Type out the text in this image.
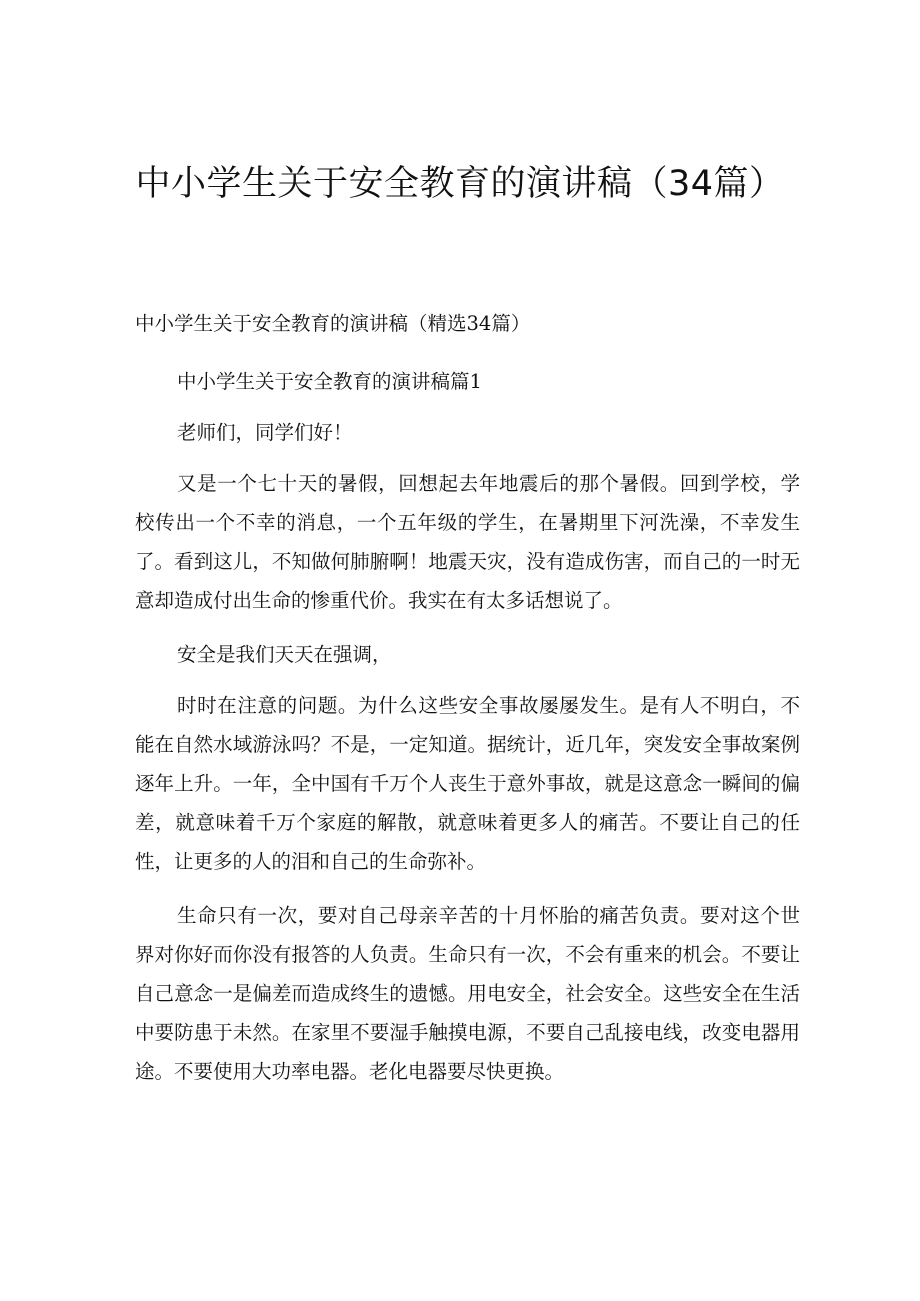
中小学生关于安全教育的演讲稿（34篇）

中小学生关于安全教育的演讲稿（精选34篇）

中小学生关于安全教育的演讲稿篇1

老师们，同学们好！

又是一个七十天的暑假，回想起去年地震后的那个暑假。回到学校，学校传出一个不幸的消息，一个五年级的学生，在暑期里下河洗澡，不幸发生了。看到这儿，不知做何肺腑啊！地震天灾，没有造成伤害，而自己的一时无意却造成付出生命的惨重代价。我实在有太多话想说了。

安全是我们天天在强调，

时时在注意的问题。为什么这些安全事故屡屡发生。是有人不明白，不能在自然水域游泳吗？不是，一定知道。据统计，近几年，突发安全事故案例逐年上升。一年，全中国有千万个人丧生于意外事故，就是这意念一瞬间的偏差，就意味着千万个家庭的解散，就意味着更多人的痛苦。不要让自己的任性，让更多的人的泪和自己的生命弥补。

生命只有一次，要对自己母亲辛苦的十月怀胎的痛苦负责。要对这个世界对你好而你没有报答的人负责。生命只有一次，不会有重来的机会。不要让自己意念一是偏差而造成终生的遗憾。用电安全，社会安全。这些安全在生活中要防患于未然。在家里不要湿手触摸电源，不要自己乱接电线，改变电器用途。不要使用大功率电器。老化电器要尽快更换。
